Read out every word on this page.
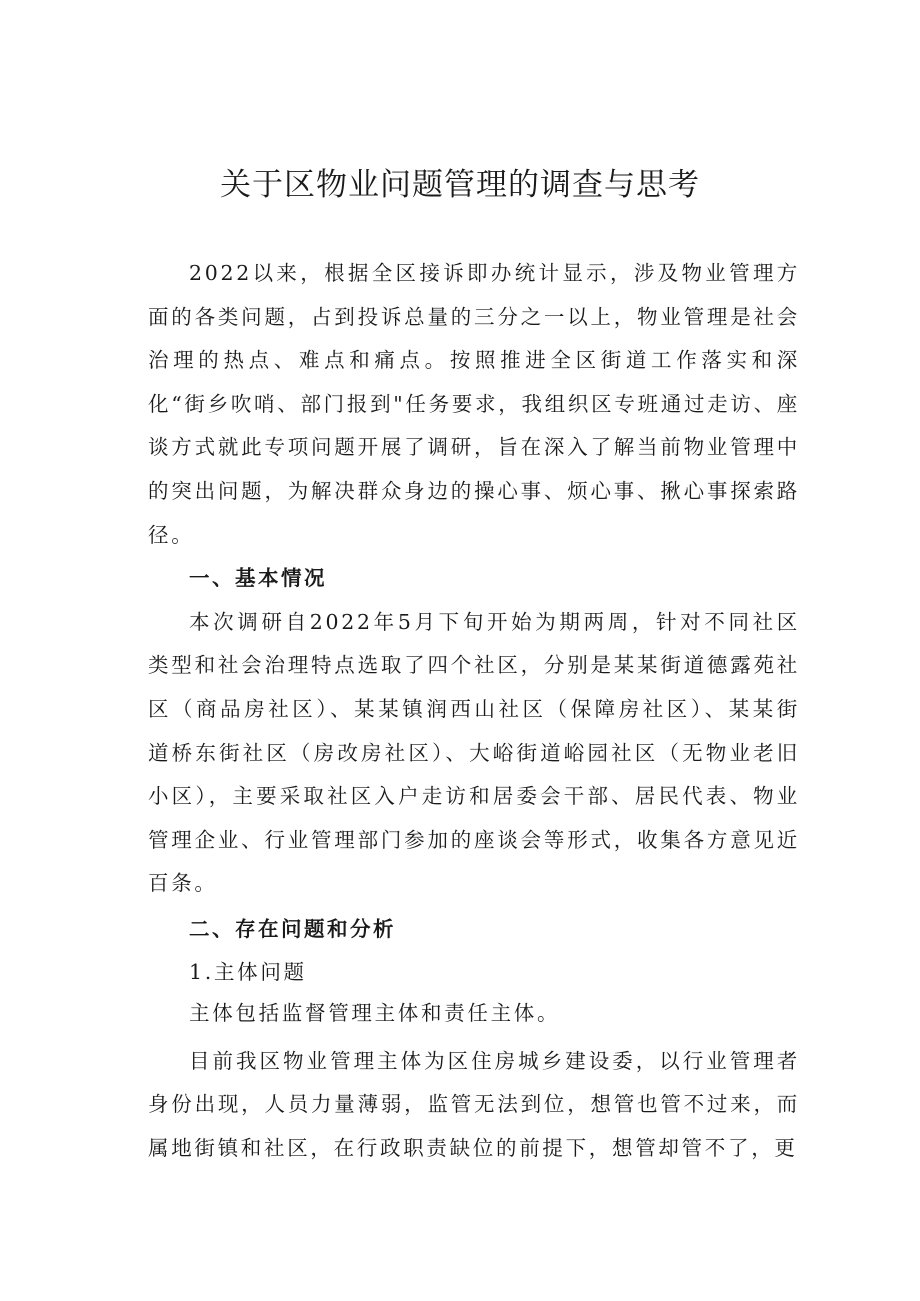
关于区物业问题管理的调查与思考

2022以来，根据全区接诉即办统计显示，涉及物业管理方面的各类问题，占到投诉总量的三分之一以上，物业管理是社会治理的热点、难点和痛点。按照推进全区街道工作落实和深化“街乡吹哨、部门报到"任务要求，我组织区专班通过走访、座谈方式就此专项问题开展了调研，旨在深入了解当前物业管理中的突出问题，为解决群众身边的操心事、烦心事、揪心事探索路径。

一、基本情况

本次调研自2022年5月下旬开始为期两周，针对不同社区类型和社会治理特点选取了四个社区，分别是某某街道德露苑社区（商品房社区）、某某镇润西山社区（保障房社区）、某某街道桥东街社区（房改房社区）、大峪街道峪园社区（无物业老旧小区），主要采取社区入户走访和居委会干部、居民代表、物业管理企业、行业管理部门参加的座谈会等形式，收集各方意见近百条。

二、存在问题和分析

1.主体问题

主体包括监督管理主体和责任主体。

目前我区物业管理主体为区住房城乡建设委，以行业管理者身份出现，人员力量薄弱，监管无法到位，想管也管不过来，而属地街镇和社区，在行政职责缺位的前提下，想管却管不了，更
